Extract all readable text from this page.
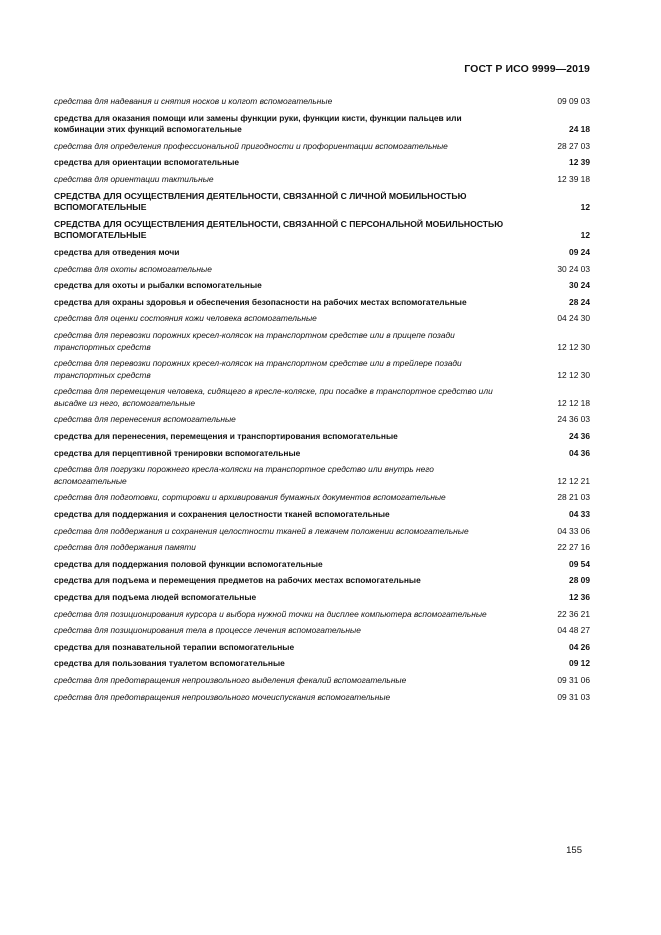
ГОСТ Р ИСО 9999—2019
средства для надевания и снятия носков и колгот вспомогательные	09 09 03
средства для оказания помощи или замены функции руки, функции кисти, функции пальцев или комбинации этих функций вспомогательные	24 18
средства для определения профессиональной пригодности и профориентации вспомогательные	28 27 03
средства для ориентации вспомогательные	12 39
средства для ориентации тактильные	12 39 18
СРЕДСТВА ДЛЯ ОСУЩЕСТВЛЕНИЯ ДЕЯТЕЛЬНОСТИ, СВЯЗАННОЙ С ЛИЧНОЙ МОБИЛЬНОСТЬЮ ВСПОМОГАТЕЛЬНЫЕ	12
СРЕДСТВА ДЛЯ ОСУЩЕСТВЛЕНИЯ ДЕЯТЕЛЬНОСТИ, СВЯЗАННОЙ С ПЕРСОНАЛЬНОЙ МОБИЛЬНОСТЬЮ ВСПОМОГАТЕЛЬНЫЕ	12
средства для отведения мочи	09 24
средства для охоты вспомогательные	30 24 03
средства для охоты и рыбалки вспомогательные	30 24
средства для охраны здоровья и обеспечения безопасности на рабочих местах вспомогательные	28 24
средства для оценки состояния кожи человека вспомогательные	04 24 30
средства для перевозки порожних кресел-колясок на транспортном средстве или в прицепе позади транспортных средств	12 12 30
средства для перевозки порожних кресел-колясок на транспортном средстве или в трейлере позади транспортных средств	12 12 30
средства для перемещения человека, сидящего в кресле-коляске, при посадке в транспортное средство или высадке из него, вспомогательные	12 12 18
средства для перенесения вспомогательные	24 36 03
средства для перенесения, перемещения и транспортирования вспомогательные	24 36
средства для перцептивной тренировки вспомогательные	04 36
средства для погрузки порожнего кресла-коляски на транспортное средство или внутрь него вспомогательные	12 12 21
средства для подготовки, сортировки и архивирования бумажных документов вспомогательные	28 21 03
средства для поддержания и сохранения целостности тканей вспомогательные	04 33
средства для поддержания и сохранения целостности тканей в лежачем положении вспомогательные	04 33 06
средства для поддержания памяти	22 27 16
средства для поддержания половой функции вспомогательные	09 54
средства для подъема и перемещения предметов на рабочих местах вспомогательные	28 09
средства для подъема людей вспомогательные	12 36
средства для позиционирования курсора и выбора нужной точки на дисплее компьютера вспомогательные	22 36 21
средства для позиционирования тела в процессе лечения вспомогательные	04 48 27
средства для познавательной терапии вспомогательные	04 26
средства для пользования туалетом вспомогательные	09 12
средства для предотвращения непроизвольного выделения фекалий вспомогательные	09 31 06
средства для предотвращения непроизвольного мочеиспускания вспомогательные	09 31 03
155
